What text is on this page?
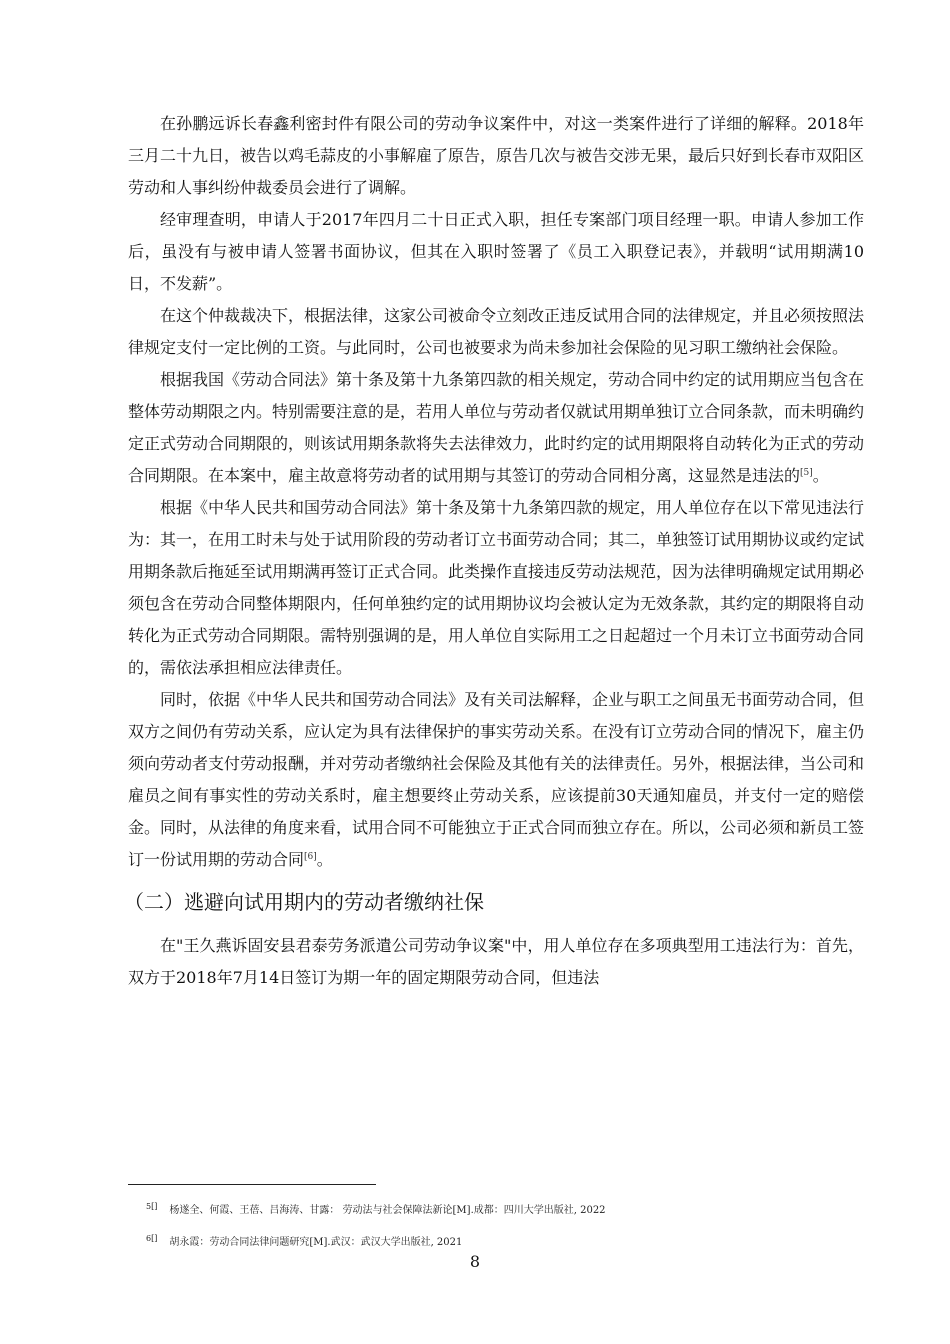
在孙鹏远诉长春鑫利密封件有限公司的劳动争议案件中，对这一类案件进行了详细的解释。2018年三月二十九日，被告以鸡毛蒜皮的小事解雇了原告，原告几次与被告交涉无果，最后只好到长春市双阳区劳动和人事纠纷仲裁委员会进行了调解。

经审理查明，申请人于2017年四月二十日正式入职，担任专案部门项目经理一职。申请人参加工作后，虽没有与被申请人签署书面协议，但其在入职时签署了《员工入职登记表》，并载明“试用期满10日，不发薪”。

在这个仲裁裁决下，根据法律，这家公司被命令立刻改正违反试用合同的法律规定，并且必须按照法律规定支付一定比例的工资。与此同时，公司也被要求为尚未参加社会保险的见习职工缴纳社会保险。

根据我国《劳动合同法》第十条及第十九条第四款的相关规定，劳动合同中约定的试用期应当包含在整体劳动期限之内。特别需要注意的是，若用人单位与劳动者仅就试用期单独订立合同条款，而未明确约定正式劳动合同期限的，则该试用期条款将失去法律效力，此时约定的试用期限将自动转化为正式的劳动合同期限。在本案中，雇主故意将劳动者的试用期与其签订的劳动合同相分离，这显然是违法的[5]。

根据《中华人民共和国劳动合同法》第十条及第十九条第四款的规定，用人单位存在以下常见违法行为：其一，在用工时未与处于试用阶段的劳动者订立书面劳动合同；其二，单独签订试用期协议或约定试用期条款后拖延至试用期满再签订正式合同。此类操作直接违反劳动法规范，因为法律明确规定试用期必须包含在劳动合同整体期限内，任何单独约定的试用期协议均会被认定为无效条款，其约定的期限将自动转化为正式劳动合同期限。需特别强调的是，用人单位自实际用工之日起超过一个月未订立书面劳动合同的，需依法承担相应法律责任。

同时，依据《中华人民共和国劳动合同法》及有关司法解释，企业与职工之间虽无书面劳动合同，但双方之间仍有劳动关系，应认定为具有法律保护的事实劳动关系。在没有订立劳动合同的情况下，雇主仍须向劳动者支付劳动报酬，并对劳动者缴纳社会保险及其他有关的法律责任。另外，根据法律，当公司和雇员之间有事实性的劳动关系时，雇主想要终止劳动关系，应该提前30天通知雇员，并支付一定的赔偿金。同时，从法律的角度来看，试用合同不可能独立于正式合同而独立存在。所以，公司必须和新员工签订一份试用期的劳动合同[6]。

（二）逃避向试用期内的劳动者缴纳社保

在"王久燕诉固安县君泰劳务派遣公司劳动争议案"中，用人单位存在多项典型用工违法行为：首先，双方于2018年7月14日签订为期一年的固定期限劳动合同，但违法

$^{5[]}$ 杨遂全、何霞、王蓓、吕海涛、甘露： 劳动法与社会保障法新论[M].成都：四川大学出版社, 2022
$^{6[]}$ 胡永霞：劳动合同法律问题研究[M].武汉：武汉大学出版社, 2021
8
